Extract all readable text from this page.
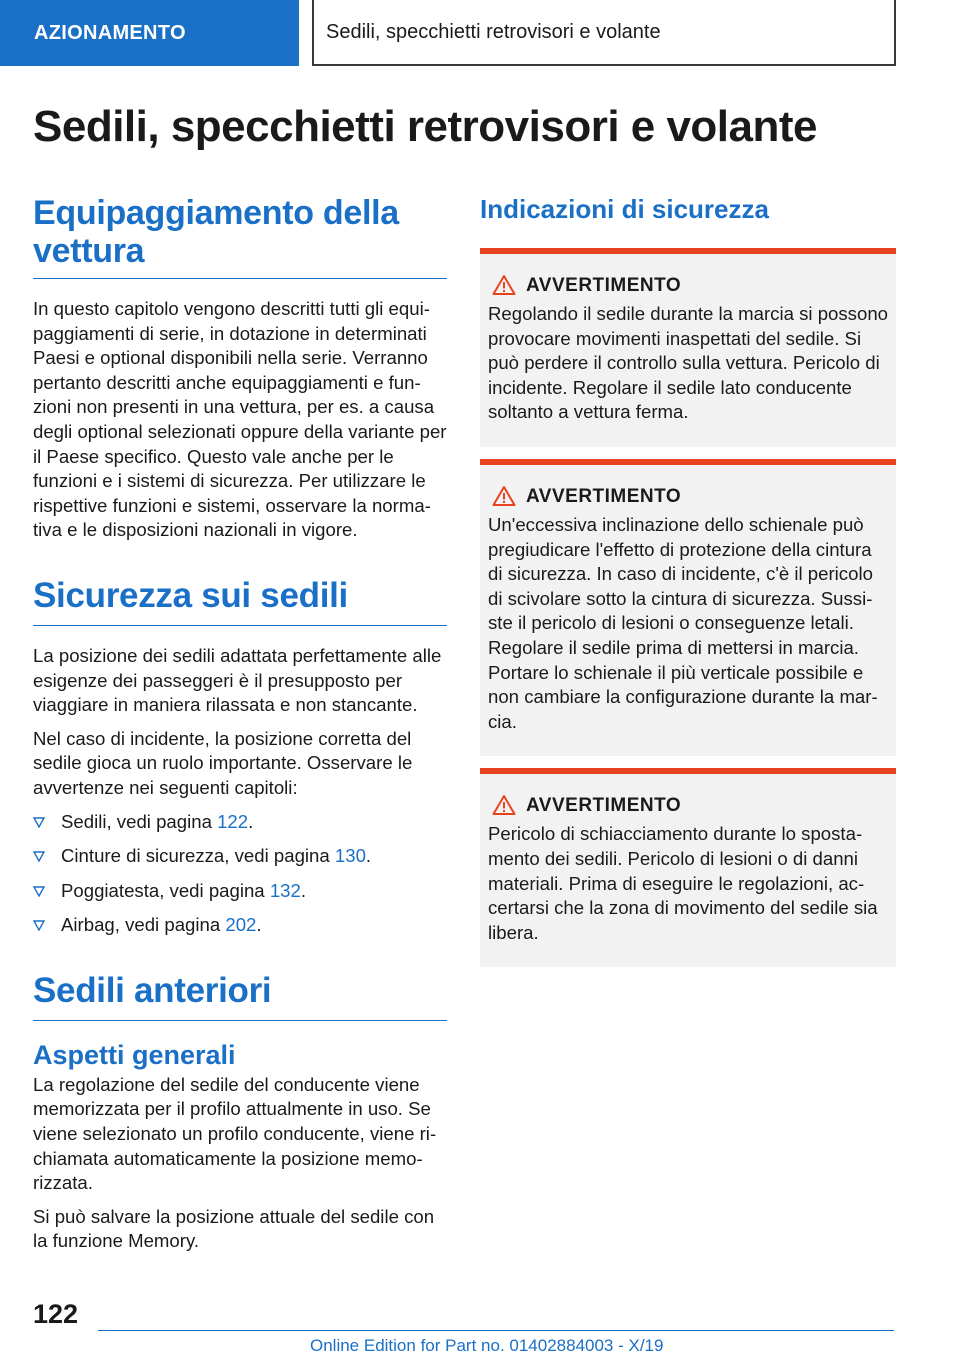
AZIONAMENTO	Sedili, specchietti retrovisori e volante
Sedili, specchietti retrovisori e volante
Equipaggiamento della vettura

In questo capitolo vengono descritti tutti gli equipaggiamenti di serie, in dotazione in determinati Paesi e optional disponibili nella serie. Verranno pertanto descritti anche equipaggiamenti e funzioni non presenti in una vettura, per es. a causa degli optional selezionati oppure della variante per il Paese specifico. Questo vale anche per le funzioni e i sistemi di sicurezza. Per utilizzare le rispettive funzioni e sistemi, osservare la normativa e le disposizioni nazionali in vigore.

Sicurezza sui sedili

La posizione dei sedili adattata perfettamente alle esigenze dei passeggeri è il presupposto per viaggiare in maniera rilassata e non stancante.

Nel caso di incidente, la posizione corretta del sedile gioca un ruolo importante. Osservare le avvertenze nei seguenti capitoli:

Sedili, vedi pagina 122.
Cinture di sicurezza, vedi pagina 130.
Poggiatesta, vedi pagina 132.
Airbag, vedi pagina 202.
Sedili anteriori
Aspetti generali

La regolazione del sedile del conducente viene memorizzata per il profilo attualmente in uso. Se viene selezionato un profilo conducente, viene richiamata automaticamente la posizione memorizzata.

Si può salvare la posizione attuale del sedile con la funzione Memory.

Indicazioni di sicurezza
AVVERTIMENTO

Regolando il sedile durante la marcia si possono provocare movimenti inaspettati del sedile. Si può perdere il controllo sulla vettura. Pericolo di incidente. Regolare il sedile lato conducente soltanto a vettura ferma.

AVVERTIMENTO

Un'eccessiva inclinazione dello schienale può pregiudicare l'effetto di protezione della cintura di sicurezza. In caso di incidente, c'è il pericolo di scivolare sotto la cintura di sicurezza. Sussiste il pericolo di lesioni o conseguenze letali. Regolare il sedile prima di mettersi in marcia. Portare lo schienale il più verticale possibile e non cambiare la configurazione durante la marcia.

AVVERTIMENTO

Pericolo di schiacciamento durante lo spostamento dei sedili. Pericolo di lesioni o di danni materiali. Prima di eseguire le regolazioni, accertarsi che la zona di movimento del sedile sia libera.

122
Online Edition for Part no. 01402884003 - X/19
